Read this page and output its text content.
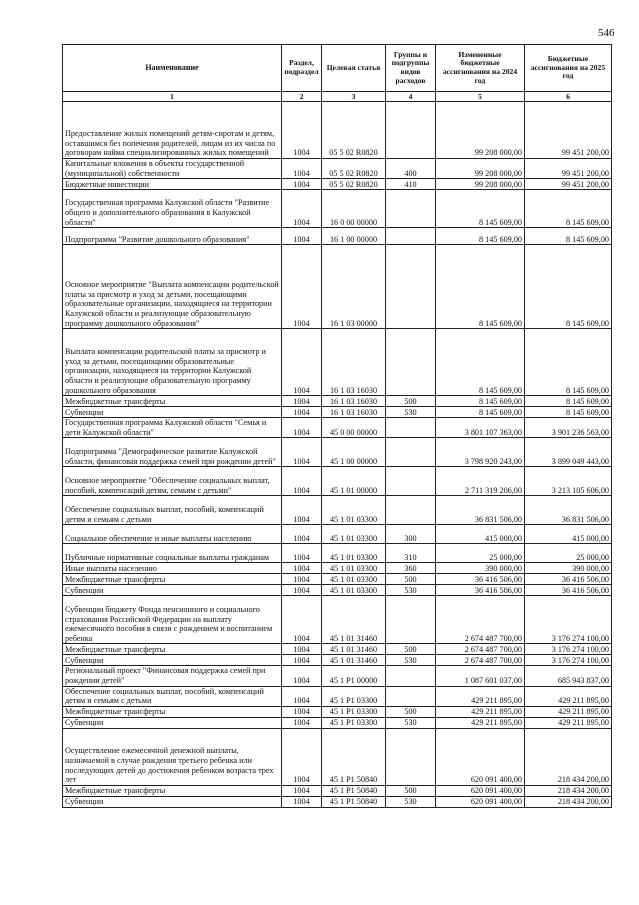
546
Наименование	Раздел, подраздел	Целевая статья	Группы и подгруппы видов расходов	Измененные бюджетные ассигнования на 2024 год	Бюджетные ассигнования на 2025 год
1	2	3	4	5	6
Предоставление жилых помещений детям-сиротам и детям, оставшимся без попечения родителей, лицам из их числа по договорам найма специализированных жилых помещений	1004	05 5 02 R0820		99 208 000,00	99 451 200,00
Капитальные вложения в объекты государственной (муниципальной) собственности	1004	05 5 02 R0820	400	99 208 000,00	99 451 200,00
Бюджетные инвестиции	1004	05 5 02 R0820	410	99 208 000,00	99 451 200,00
Государственная программа Калужской области "Развитие общего и дополнительного образования в Калужской области"	1004	16 0 00 00000		8 145 609,00	8 145 609,00
Подпрограмма "Развитие дошкольного образования"	1004	16 1 00 00000		8 145 609,00	8 145 609,00
Основное мероприятие "Выплата компенсации родительской платы за присмотр и уход за детьми, посещающими образовательные организации, находящиеся на территории Калужской области и реализующие образовательную программу дошкольного образования"	1004	16 1 03 00000		8 145 609,00	8 145 609,00
Выплата компенсации родительской платы за присмотр и уход за детьми, посещающими образовательные организации, находящиеся на территории Калужской области и реализующие образовательную программу дошкольного образования	1004	16 1 03 16030		8 145 609,00	8 145 609,00
Межбюджетные трансферты	1004	16 1 03 16030	500	8 145 609,00	8 145 609,00
Субвенции	1004	16 1 03 16030	530	8 145 609,00	8 145 609,00
Государственная программа Калужской области "Семья и дети Калужской области"	1004	45 0 00 00000		3 801 107 363,00	3 901 236 563,00
Подпрограмма "Демографическое развитие Калужской области, финансовая поддержка семей при рождении детей"	1004	45 1 00 00000		3 798 920 243,00	3 899 049 443,00
Основное мероприятие "Обеспечение социальных выплат, пособий, компенсаций детям, семьям с детьми"	1004	45 1 01 00000		2 711 319 206,00	3 213 105 606,00
Обеспечение социальных выплат, пособий, компенсаций детям и семьям с детьми	1004	45 1 01 03300		36 831 506,00	36 831 506,00
Социальное обеспечение и иные выплаты населению	1004	45 1 01 03300	300	415 000,00	415 000,00
Публичные нормативные социальные выплаты гражданам	1004	45 1 01 03300	310	25 000,00	25 000,00
Иные выплаты населению	1004	45 1 01 03300	360	390 000,00	390 000,00
Межбюджетные трансферты	1004	45 1 01 03300	500	36 416 506,00	36 416 506,00
Субвенции	1004	45 1 01 03300	530	36 416 506,00	36 416 506,00
Субвенции бюджету Фонда пенсионного и социального страхования Российской Федерации на выплату ежемесячного пособия в связи с рождением и воспитанием ребенка	1004	45 1 01 31460		2 674 487 700,00	3 176 274 100,00
Межбюджетные трансферты	1004	45 1 01 31460	500	2 674 487 700,00	3 176 274 100,00
Субвенции	1004	45 1 01 31460	530	2 674 487 700,00	3 176 274 100,00
Региональный проект "Финансовая поддержка семей при рождении детей"	1004	45 1 P1 00000		1 087 601 037,00	685 943 837,00
Обеспечение социальных выплат, пособий, компенсаций детям и семьям с детьми	1004	45 1 P1 03300		429 211 895,00	429 211 895,00
Межбюджетные трансферты	1004	45 1 P1 03300	500	429 211 895,00	429 211 895,00
Субвенции	1004	45 1 P1 03300	530	429 211 895,00	429 211 895,00
Осуществление ежемесячной денежной выплаты, назначаемой в случае рождения третьего ребенка или последующих детей до достижения ребенком возраста трех лет	1004	45 1 P1 50840		620 091 400,00	218 434 200,00
Межбюджетные трансферты	1004	45 1 P1 50840	500	620 091 400,00	218 434 200,00
Субвенции	1004	45 1 P1 50840	530	620 091 400,00	218 434 200,00
